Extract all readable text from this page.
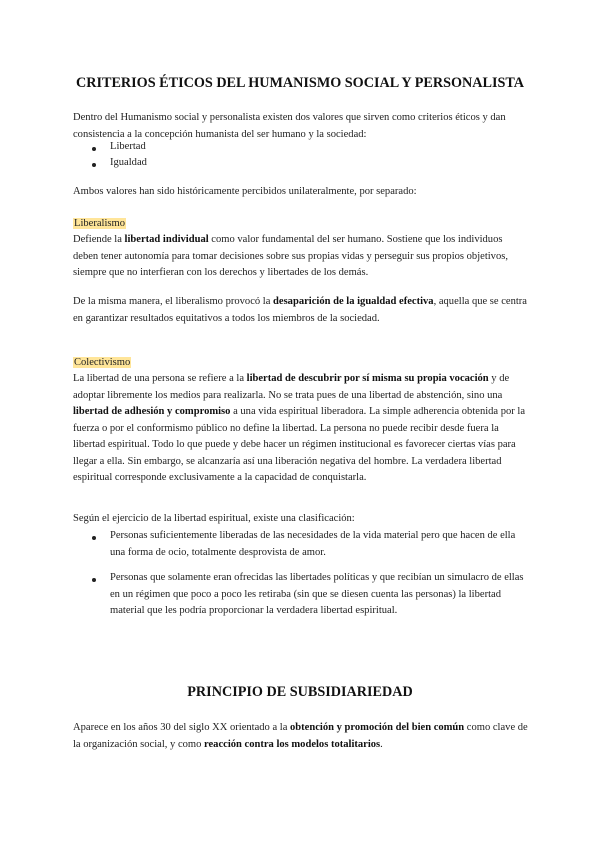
CRITERIOS ÉTICOS DEL HUMANISMO SOCIAL Y PERSONALISTA

Dentro del Humanismo social y personalista existen dos valores que sirven como criterios éticos y dan consistencia a la concepción humanista del ser humano y la sociedad:

Libertad
Igualdad

Ambos valores han sido históricamente percibidos unilateralmente, por separado:

Liberalismo

Defiende la libertad individual como valor fundamental del ser humano. Sostiene que los individuos deben tener autonomía para tomar decisiones sobre sus propias vidas y perseguir sus propios objetivos, siempre que no interfieran con los derechos y libertades de los demás.

De la misma manera, el liberalismo provocó la desaparición de la igualdad efectiva, aquella que se centra en garantizar resultados equitativos a todos los miembros de la sociedad.

Colectivismo

La libertad de una persona se refiere a la libertad de descubrir por sí misma su propia vocación y de adoptar libremente los medios para realizarla. No se trata pues de una libertad de abstención, sino una libertad de adhesión y compromiso a una vida espiritual liberadora. La simple adherencia obtenida por la fuerza o por el conformismo público no define la libertad. La persona no puede recibir desde fuera la libertad espiritual. Todo lo que puede y debe hacer un régimen institucional es favorecer ciertas vías para llegar a ella. Sin embargo, se alcanzaría así una liberación negativa del hombre. La verdadera libertad espiritual corresponde exclusivamente a la capacidad de conquistarla.

Según el ejercicio de la libertad espiritual, existe una clasificación:

Personas suficientemente liberadas de las necesidades de la vida material pero que hacen de ella una forma de ocio, totalmente desprovista de amor.
Personas que solamente eran ofrecidas las libertades políticas y que recibían un simulacro de ellas en un régimen que poco a poco les retiraba (sin que se diesen cuenta las personas) la libertad material que les podría proporcionar la verdadera libertad espiritual.
PRINCIPIO DE SUBSIDIARIEDAD

Aparece en los años 30 del siglo XX orientado a la obtención y promoción del bien común como clave de la organización social, y como reacción contra los modelos totalitarios.
